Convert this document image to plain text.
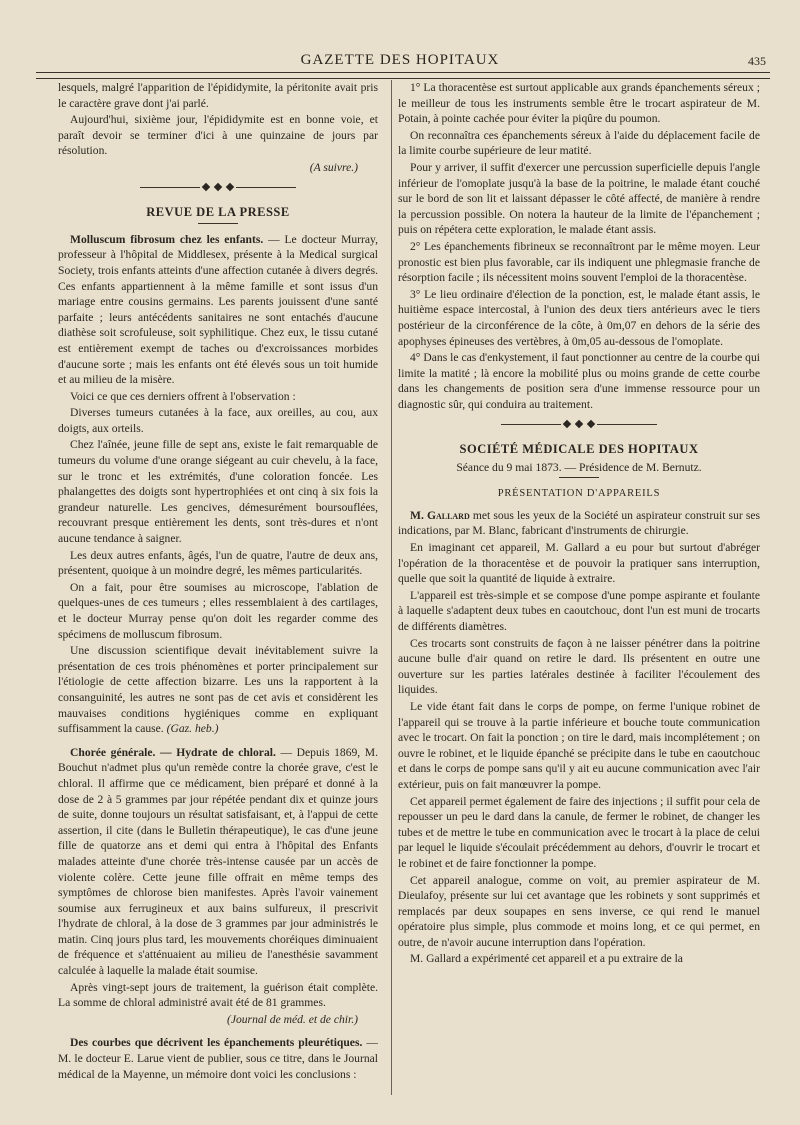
GAZETTE DES HOPITAUX	435

lesquels, malgré l'apparition de l'épididymite, la péritonite avait pris le caractère grave dont j'ai parlé.

Aujourd'hui, sixième jour, l'épididymite est en bonne voie, et paraît devoir se terminer d'ici à une quinzaine de jours par résolution.

(A suivre.)

REVUE DE LA PRESSE

Molluscum fibrosum chez les enfants. — Le docteur Murray, professeur à l'hôpital de Middlesex, présente à la Medical surgical Society, trois enfants atteints d'une affection cutanée à divers degrés. Ces enfants appartiennent à la même famille et sont issus d'un mariage entre cousins germains. Les parents jouissent d'une santé parfaite ; leurs antécédents sanitaires ne sont entachés d'aucune diathèse soit scrofuleuse, soit syphilitique. Chez eux, le tissu cutané est entièrement exempt de taches ou d'excroissances morbides d'aucune sorte ; mais les enfants ont été élevés sous un toit humide et au milieu de la misère.

Voici ce que ces derniers offrent à l'observation :

Diverses tumeurs cutanées à la face, aux oreilles, au cou, aux doigts, aux orteils.

Chez l'aînée, jeune fille de sept ans, existe le fait remarquable de tumeurs du volume d'une orange siégeant au cuir chevelu, à la face, sur le tronc et les extrémités, d'une coloration foncée. Les phalangettes des doigts sont hypertrophiées et ont cinq à six fois la grandeur naturelle. Les gencives, démesurément boursouflées, recouvrant presque entièrement les dents, sont très-dures et n'ont aucune tendance à saigner.

Les deux autres enfants, âgés, l'un de quatre, l'autre de deux ans, présentent, quoique à un moindre degré, les mêmes particularités.

On a fait, pour être soumises au microscope, l'ablation de quelques-unes de ces tumeurs ; elles ressemblaient à des cartilages, et le docteur Murray pense qu'on doit les regarder comme des spécimens de molluscum fibrosum.

Une discussion scientifique devait inévitablement suivre la présentation de ces trois phénomènes et porter principalement sur l'étiologie de cette affection bizarre. Les uns la rapportent à la consanguinité, les autres ne sont pas de cet avis et considèrent les mauvaises conditions hygiéniques comme en expliquant suffisamment la cause. (Gaz. heb.)

Chorée générale. — Hydrate de chloral. — Depuis 1869, M. Bouchut n'admet plus qu'un remède contre la chorée grave, c'est le chloral. Il affirme que ce médicament, bien préparé et donné à la dose de 2 à 5 grammes par jour répétée pendant dix et quinze jours de suite, donne toujours un résultat satisfaisant, et, à l'appui de cette assertion, il cite (dans le Bulletin thérapeutique), le cas d'une jeune fille de quatorze ans et demi qui entra à l'hôpital des Enfants malades atteinte d'une chorée très-intense causée par un accès de violente colère. Cette jeune fille offrait en même temps des symptômes de chlorose bien manifestes. Après l'avoir vainement soumise aux ferrugineux et aux bains sulfureux, il prescrivit l'hydrate de chloral, à la dose de 3 grammes par jour administrés le matin. Cinq jours plus tard, les mouvements choréiques diminuaient de fréquence et s'atténuaient au milieu de l'anesthésie savamment calculée à laquelle la malade était soumise.

Après vingt-sept jours de traitement, la guérison était complète. La somme de chloral administré avait été de 81 grammes.

(Journal de méd. et de chir.)

Des courbes que décrivent les épanchements pleurétiques. — M. le docteur E. Larue vient de publier, sous ce titre, dans le Journal médical de la Mayenne, un mémoire dont voici les conclusions :

1° La thoracentèse est surtout applicable aux grands épanchements séreux ; le meilleur de tous les instruments semble être le trocart aspirateur de M. Potain, à pointe cachée pour éviter la piqûre du poumon.

On reconnaîtra ces épanchements séreux à l'aide du déplacement facile de la limite courbe supérieure de leur matité.

Pour y arriver, il suffit d'exercer une percussion superficielle depuis l'angle inférieur de l'omoplate jusqu'à la base de la poitrine, le malade étant couché sur le bord de son lit et laissant dépasser le côté affecté, de manière à rendre la percussion possible. On notera la hauteur de la limite de l'épanchement ; puis on répétera cette exploration, le malade étant assis.

2° Les épanchements fibrineux se reconnaîtront par le même moyen. Leur pronostic est bien plus favorable, car ils indiquent une phlegmasie franche de résorption facile ; ils nécessitent moins souvent l'emploi de la thoracentèse.

3° Le lieu ordinaire d'élection de la ponction, est, le malade étant assis, le huitième espace intercostal, à l'union des deux tiers antérieurs avec le tiers postérieur de la circonférence de la côte, à 0m,07 en dehors de la série des apophyses épineuses des vertèbres, à 0m,05 au-dessous de l'omoplate.

4° Dans le cas d'enkystement, il faut ponctionner au centre de la courbe qui limite la matité ; là encore la mobilité plus ou moins grande de cette courbe dans les changements de position sera d'une immense ressource pour un diagnostic sûr, qui conduira au traitement.

SOCIÉTÉ MÉDICALE DES HOPITAUX

Séance du 9 mai 1873. — Présidence de M. Bernutz.

PRÉSENTATION D'APPAREILS

M. Gallard met sous les yeux de la Société un aspirateur construit sur ses indications, par M. Blanc, fabricant d'instruments de chirurgie.

En imaginant cet appareil, M. Gallard a eu pour but surtout d'abréger l'opération de la thoracentèse et de pouvoir la pratiquer sans interruption, quelle que soit la quantité de liquide à extraire.

L'appareil est très-simple et se compose d'une pompe aspirante et foulante à laquelle s'adaptent deux tubes en caoutchouc, dont l'un est muni de trocarts de différents diamètres.

Ces trocarts sont construits de façon à ne laisser pénétrer dans la poitrine aucune bulle d'air quand on retire le dard. Ils présentent en outre une ouverture sur les parties latérales destinée à faciliter l'écoulement des liquides.

Le vide étant fait dans le corps de pompe, on ferme l'unique robinet de l'appareil qui se trouve à la partie inférieure et bouche toute communication avec le trocart. On fait la ponction ; on tire le dard, mais incomplétement ; on ouvre le robinet, et le liquide épanché se précipite dans le tube en caoutchouc et dans le corps de pompe sans qu'il y ait eu aucune communication avec l'air extérieur, puis on fait manœuvrer la pompe.

Cet appareil permet également de faire des injections ; il suffit pour cela de repousser un peu le dard dans la canule, de fermer le robinet, de changer les tubes et de mettre le tube en communication avec le trocart à la place de celui par lequel le liquide s'écoulait précédemment au dehors, d'ouvrir le trocart et le robinet et de faire fonctionner la pompe.

Cet appareil analogue, comme on voit, au premier aspirateur de M. Dieulafoy, présente sur lui cet avantage que les robinets y sont supprimés et remplacés par deux soupapes en sens inverse, ce qui rend le manuel opératoire plus simple, plus commode et moins long, et ce qui permet, en outre, de n'avoir aucune interruption dans l'opération.

M. Gallard a expérimenté cet appareil et a pu extraire de la
